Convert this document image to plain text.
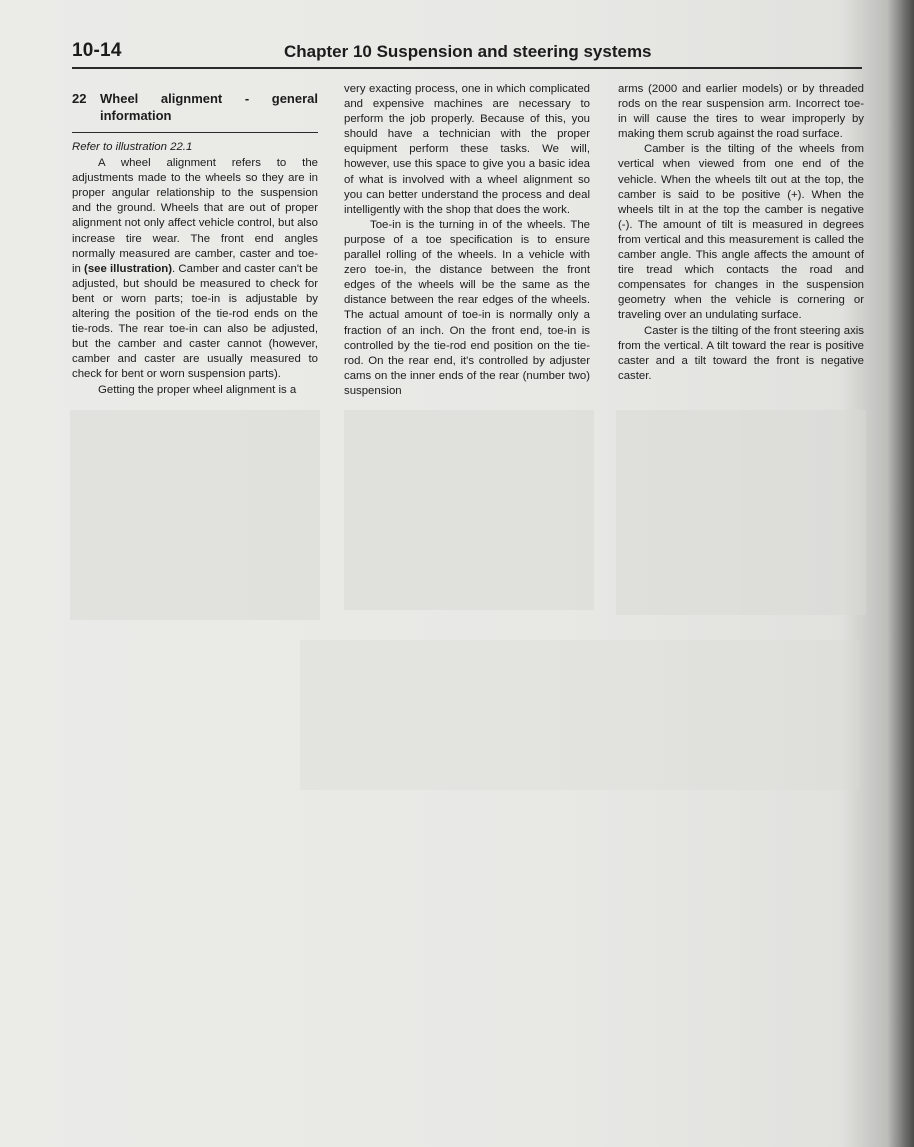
10-14	Chapter 10 Suspension and steering systems
22	Wheel alignment - general information
Refer to illustration 22.1

A wheel alignment refers to the adjustments made to the wheels so they are in proper angular relationship to the suspension and the ground. Wheels that are out of proper alignment not only affect vehicle control, but also increase tire wear. The front end angles normally measured are camber, caster and toe-in (see illustration). Camber and caster can't be adjusted, but should be measured to check for bent or worn parts; toe-in is adjustable by altering the position of the tie-rod ends on the tie-rods. The rear toe-in can also be adjusted, but the camber and caster cannot (however, camber and caster are usually measured to check for bent or worn suspension parts).

Getting the proper wheel alignment is a

very exacting process, one in which complicated and expensive machines are necessary to perform the job properly. Because of this, you should have a technician with the proper equipment perform these tasks. We will, however, use this space to give you a basic idea of what is involved with a wheel alignment so you can better understand the process and deal intelligently with the shop that does the work.

Toe-in is the turning in of the wheels. The purpose of a toe specification is to ensure parallel rolling of the wheels. In a vehicle with zero toe-in, the distance between the front edges of the wheels will be the same as the distance between the rear edges of the wheels. The actual amount of toe-in is normally only a fraction of an inch. On the front end, toe-in is controlled by the tie-rod end position on the tie-rod. On the rear end, it's controlled by adjuster cams on the inner ends of the rear (number two) suspension

arms (2000 and earlier models) or by threaded rods on the rear suspension arm. Incorrect toe-in will cause the tires to wear improperly by making them scrub against the road surface.

Camber is the tilting of the wheels from vertical when viewed from one end of the vehicle. When the wheels tilt out at the top, the camber is said to be positive (+). When the wheels tilt in at the top the camber is negative (-). The amount of tilt is measured in degrees from vertical and this measurement is called the camber angle. This angle affects the amount of tire tread which contacts the road and compensates for changes in the suspension geometry when the vehicle is cornering or traveling over an undulating surface.

Caster is the tilting of the front steering axis from the vertical. A tilt toward the rear is positive caster and a tilt toward the front is negative caster.
